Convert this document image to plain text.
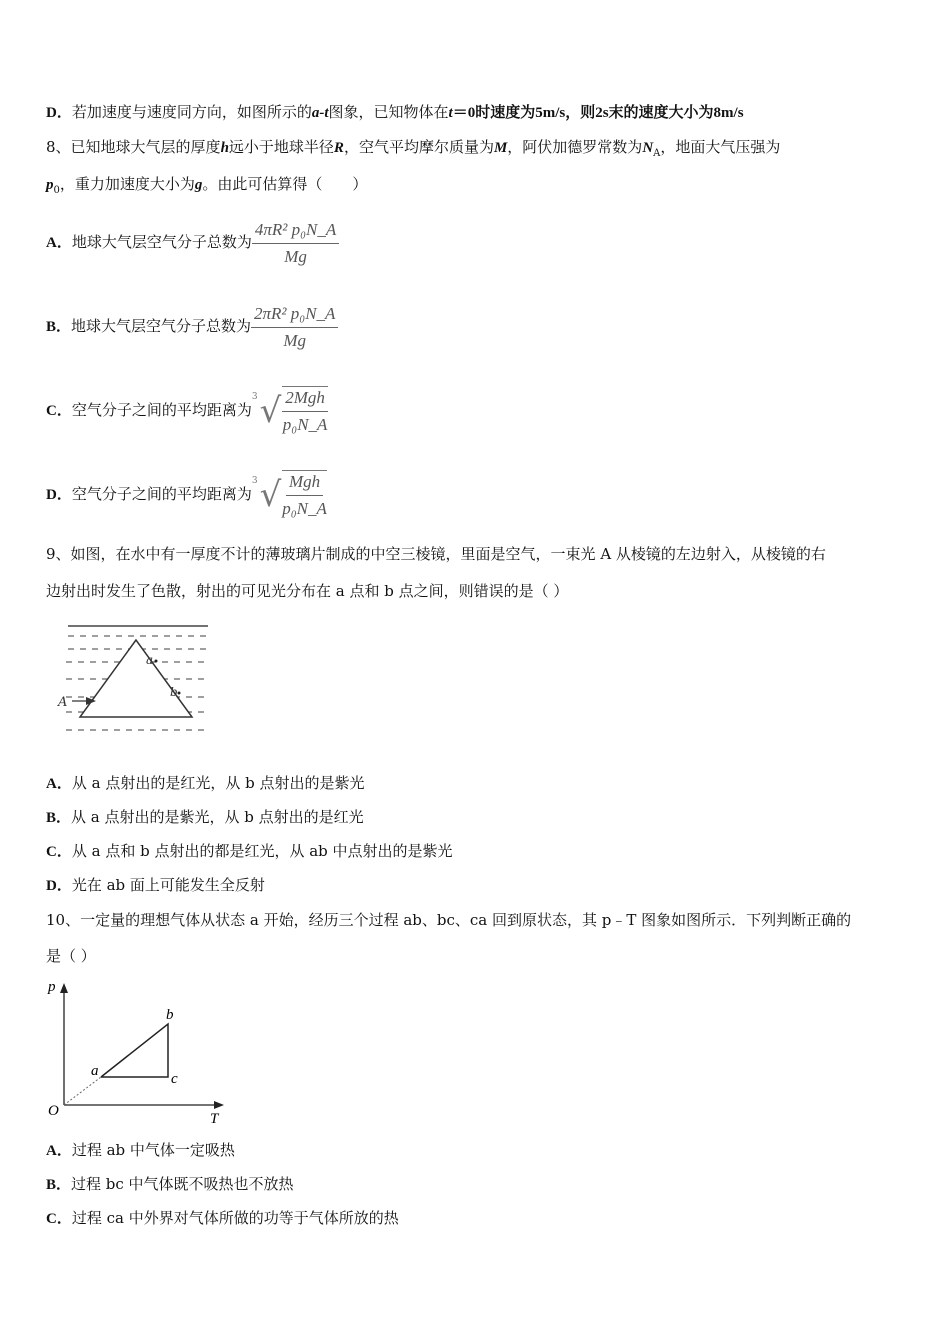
D．若加速度与速度同方向，如图所示的a-t图象，已知物体在t＝0时速度为5m/s，则2s末的速度大小为8m/s
8、已知地球大气层的厚度h远小于地球半径R，空气平均摩尔质量为M，阿伏加德罗常数为$N_A$，地面大气压强为
$p_0$，重力加速度大小为g。由此可估算得（　　）
A．地球大气层空气分子总数为 $\frac{\text{4πR² p₀N\_A}}{Mg}$
B．地球大气层空气分子总数为 $\frac{\text{2πR² p₀N\_A}}{Mg}$
C．空气分子之间的平均距离为
3 √ $\frac{\text{2Mgh}}{\text{p₀N\_A}}$
D．空气分子之间的平均距离为
3 √ $\frac{\text{Mgh}}{\text{p₀N\_A}}$
9、如图，在水中有一厚度不计的薄玻璃片制成的中空三棱镜，里面是空气，一束光 A 从棱镜的左边射入，从棱镜的右
边射出时发生了色散，射出的可见光分布在 a 点和 b 点之间，则错误的是（ ）
A
a
b
A．从 a 点射出的是红光，从 b 点射出的是紫光
B．从 a 点射出的是紫光，从 b 点射出的是红光
C．从 a 点和 b 点射出的都是红光，从 ab 中点射出的是紫光
D．光在 ab 面上可能发生全反射
10、一定量的理想气体从状态 a 开始，经历三个过程 ab、bc、ca 回到原状态，其 p﹣T 图象如图所示．下列判断正确的
是（ ）
p
T
O
a
b
c
A．过程 ab 中气体一定吸热
B．过程 bc 中气体既不吸热也不放热
C．过程 ca 中外界对气体所做的功等于气体所放的热
